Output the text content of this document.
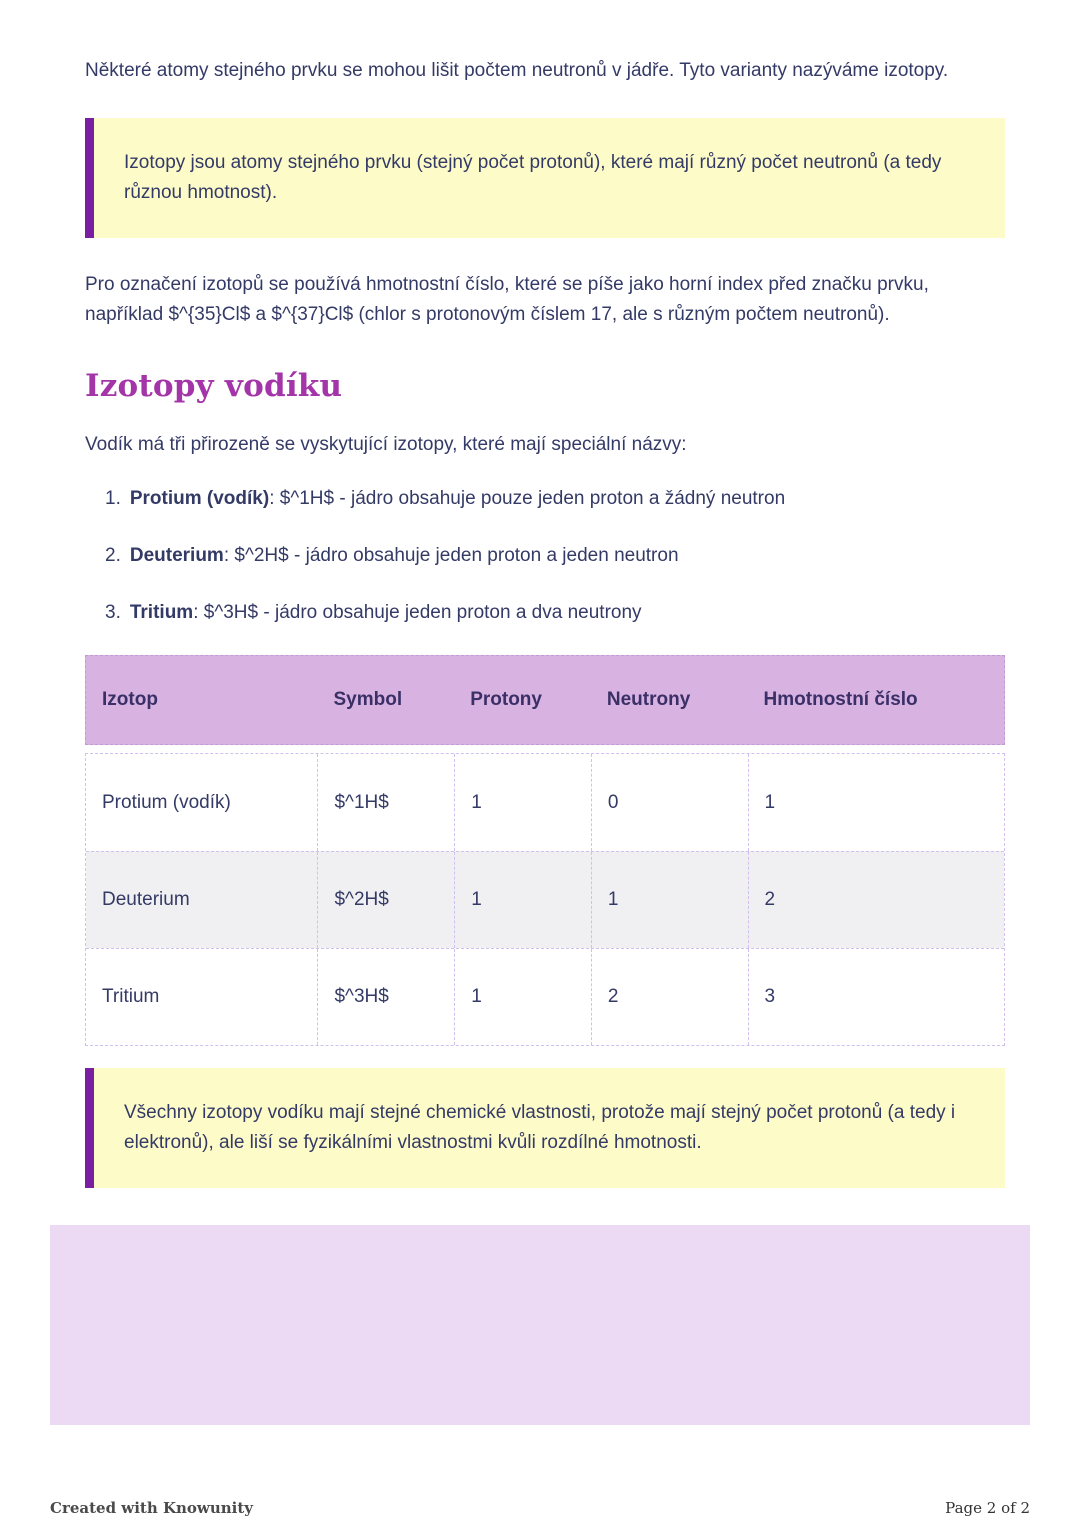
Některé atomy stejného prvku se mohou lišit počtem neutronů v jádře. Tyto varianty nazýváme izotopy.

Izotopy jsou atomy stejného prvku (stejný počet protonů), které mají různý počet neutronů (a tedy různou hmotnost).

Pro označení izotopů se používá hmotnostní číslo, které se píše jako horní index před značku prvku, například $^{35}Cl$ a $^{37}Cl$ (chlor s protonovým číslem 17, ale s různým počtem neutronů).

Izotopy vodíku

Vodík má tři přirozeně se vyskytující izotopy, které mají speciální názvy:

1. Protium (vodík): $^1H$ - jádro obsahuje pouze jeden proton a žádný neutron
2. Deuterium: $^2H$ - jádro obsahuje jeden proton a jeden neutron
3. Tritium: $^3H$ - jádro obsahuje jeden proton a dva neutrony
Izotop	Symbol	Protony	Neutrony	Hmotnostní číslo
Protium (vodík)	$^1H$	1	0	1
Deuterium	$^2H$	1	1	2
Tritium	$^3H$	1	2	3

Všechny izotopy vodíku mají stejné chemické vlastnosti, protože mají stejný počet protonů (a tedy i elektronů), ale liší se fyzikálními vlastnostmi kvůli rozdílné hmotnosti.

Created with Knowunity	Page 2 of 2
